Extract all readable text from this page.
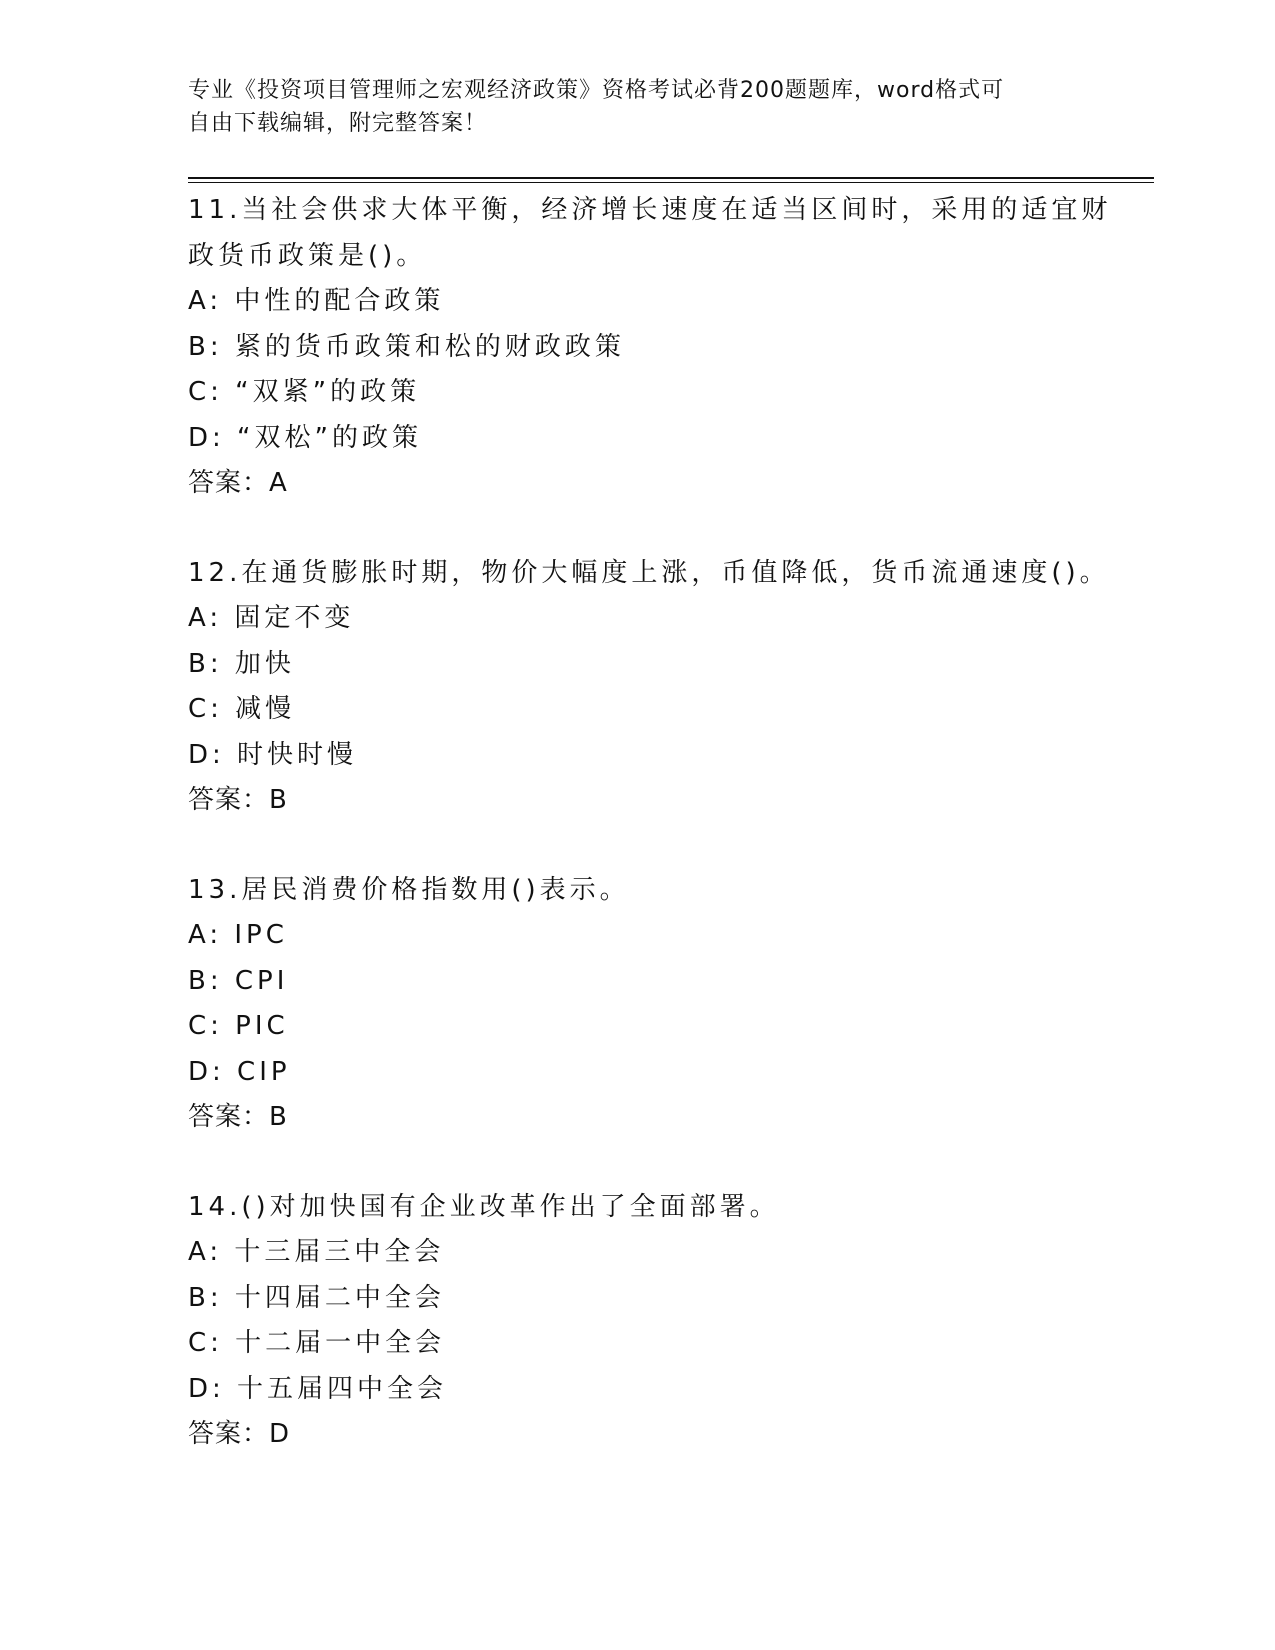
专业《投资项目管理师之宏观经济政策》资格考试必背200题题库，word格式可
自由下载编辑，附完整答案！
11.当社会供求大体平衡，经济增长速度在适当区间时，采用的适宜财
政货币政策是()。
A: 中性的配合政策
B: 紧的货币政策和松的财政政策
C: “双紧”的政策
D: “双松”的政策
答案：A
12.在通货膨胀时期，物价大幅度上涨，币值降低，货币流通速度()。
A: 固定不变
B: 加快
C: 减慢
D: 时快时慢
答案：B
13.居民消费价格指数用()表示。
A: IPC
B: CPI
C: PIC
D: CIP
答案：B
14.()对加快国有企业改革作出了全面部署。
A: 十三届三中全会
B: 十四届二中全会
C: 十二届一中全会
D: 十五届四中全会
答案：D
